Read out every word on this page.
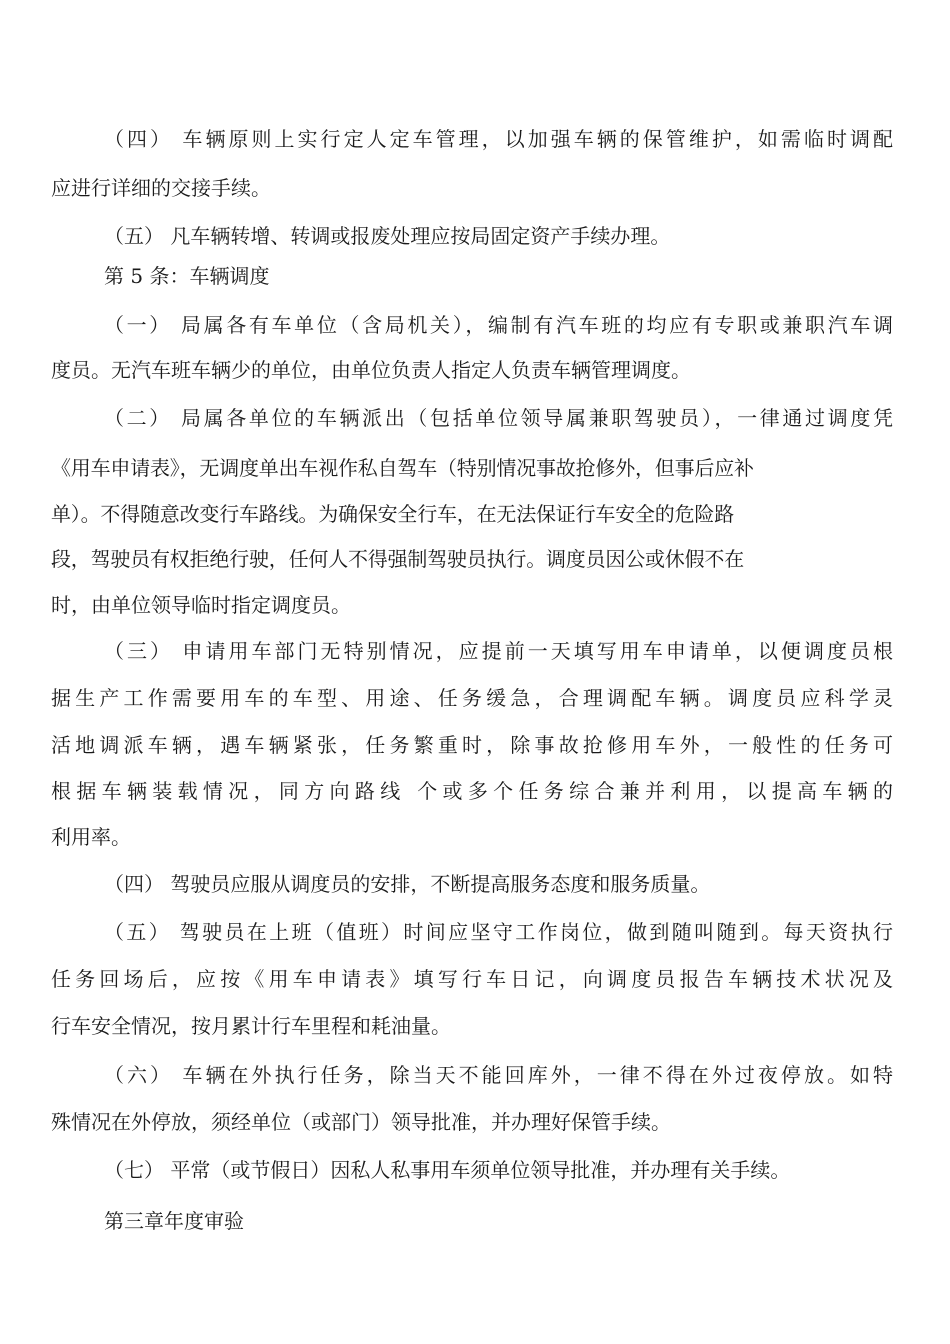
（四） 车辆原则上实行定人定车管理，以加强车辆的保管维护，如需临时调配
应进行详细的交接手续。
（五） 凡车辆转增、转调或报废处理应按局固定资产手续办理。
第 5 条：车辆调度
（一） 局属各有车单位（含局机关），编制有汽车班的均应有专职或兼职汽车调
度员。无汽车班车辆少的单位，由单位负责人指定人负责车辆管理调度。
（二） 局属各单位的车辆派出（包括单位领导属兼职驾驶员），一律通过调度凭
《用车申请表》，无调度单出车视作私自驾车（特别情况事故抢修外，但事后应补
单）。不得随意改变行车路线。为确保安全行车，在无法保证行车安全的危险路
段，驾驶员有权拒绝行驶，任何人不得强制驾驶员执行。调度员因公或休假不在
时，由单位领导临时指定调度员。
（三） 申请用车部门无特别情况，应提前一天填写用车申请单，以便调度员根
据生产工作需要用车的车型、用途、任务缓急，合理调配车辆。调度员应科学灵
活地调派车辆，遇车辆紧张，任务繁重时，除事故抢修用车外，一般性的任务可
根据车辆装载情况，同方向路线 个或多个任务综合兼并利用，以提高车辆的
利用率。
（四） 驾驶员应服从调度员的安排，不断提高服务态度和服务质量。
（五） 驾驶员在上班（值班）时间应坚守工作岗位，做到随叫随到。每天资执行
任务回场后，应按《用车申请表》填写行车日记，向调度员报告车辆技术状况及
行车安全情况，按月累计行车里程和耗油量。
（六） 车辆在外执行任务，除当天不能回库外，一律不得在外过夜停放。如特
殊情况在外停放，须经单位（或部门）领导批准，并办理好保管手续。
（七） 平常（或节假日）因私人私事用车须单位领导批准，并办理有关手续。
第三章年度审验
